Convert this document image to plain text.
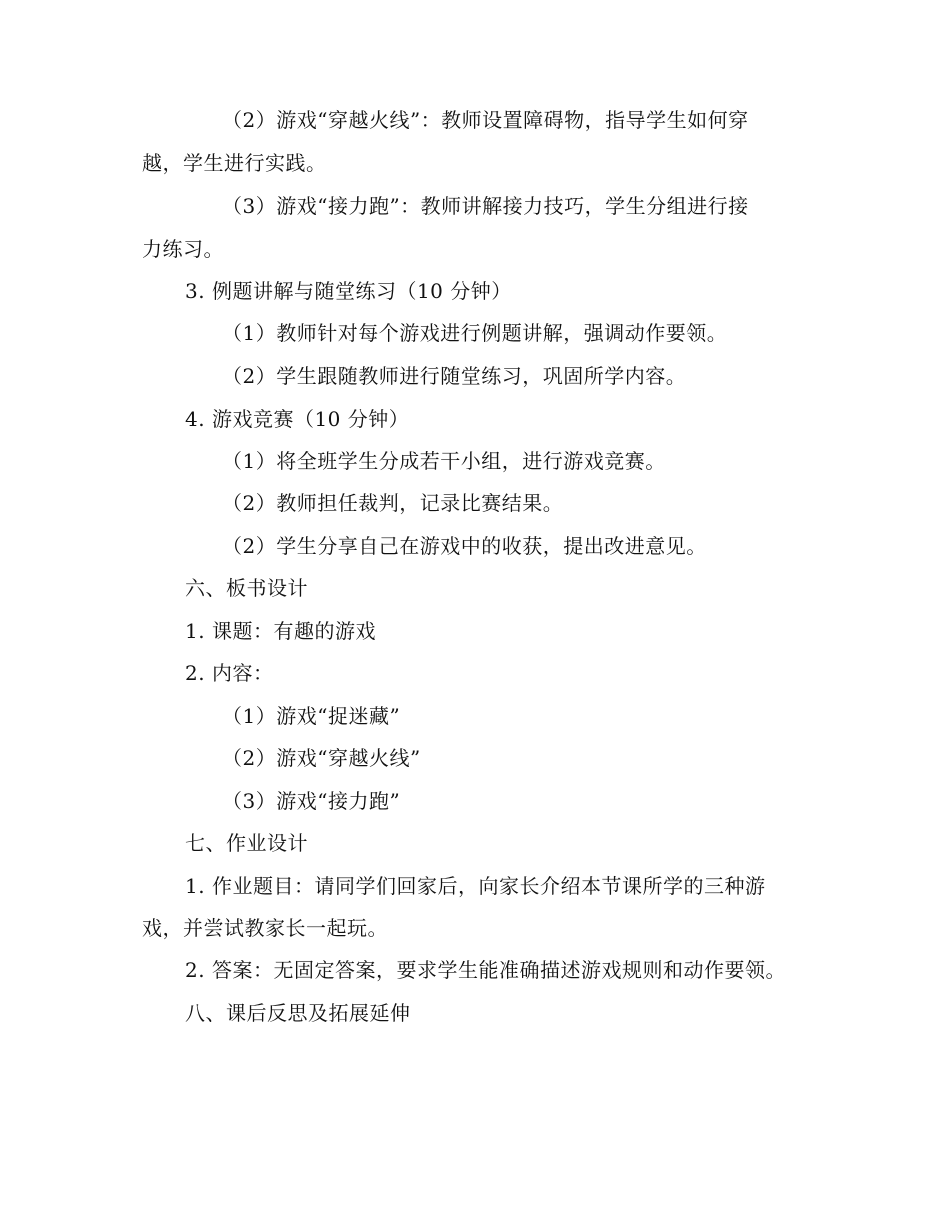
（2）游戏“穿越火线”：教师设置障碍物，指导学生如何穿
越，学生进行实践。
（3）游戏“接力跑”：教师讲解接力技巧，学生分组进行接
力练习。
3. 例题讲解与随堂练习（10 分钟）
（1）教师针对每个游戏进行例题讲解，强调动作要领。
（2）学生跟随教师进行随堂练习，巩固所学内容。
4. 游戏竞赛（10 分钟）
（1）将全班学生分成若干小组，进行游戏竞赛。
（2）教师担任裁判，记录比赛结果。
（2）学生分享自己在游戏中的收获，提出改进意见。
六、板书设计
1. 课题：有趣的游戏
2. 内容：
（1）游戏“捉迷藏”
（2）游戏“穿越火线”
（3）游戏“接力跑”
七、作业设计
1. 作业题目：请同学们回家后，向家长介绍本节课所学的三种游
戏，并尝试教家长一起玩。
2. 答案：无固定答案，要求学生能准确描述游戏规则和动作要领。
八、课后反思及拓展延伸
